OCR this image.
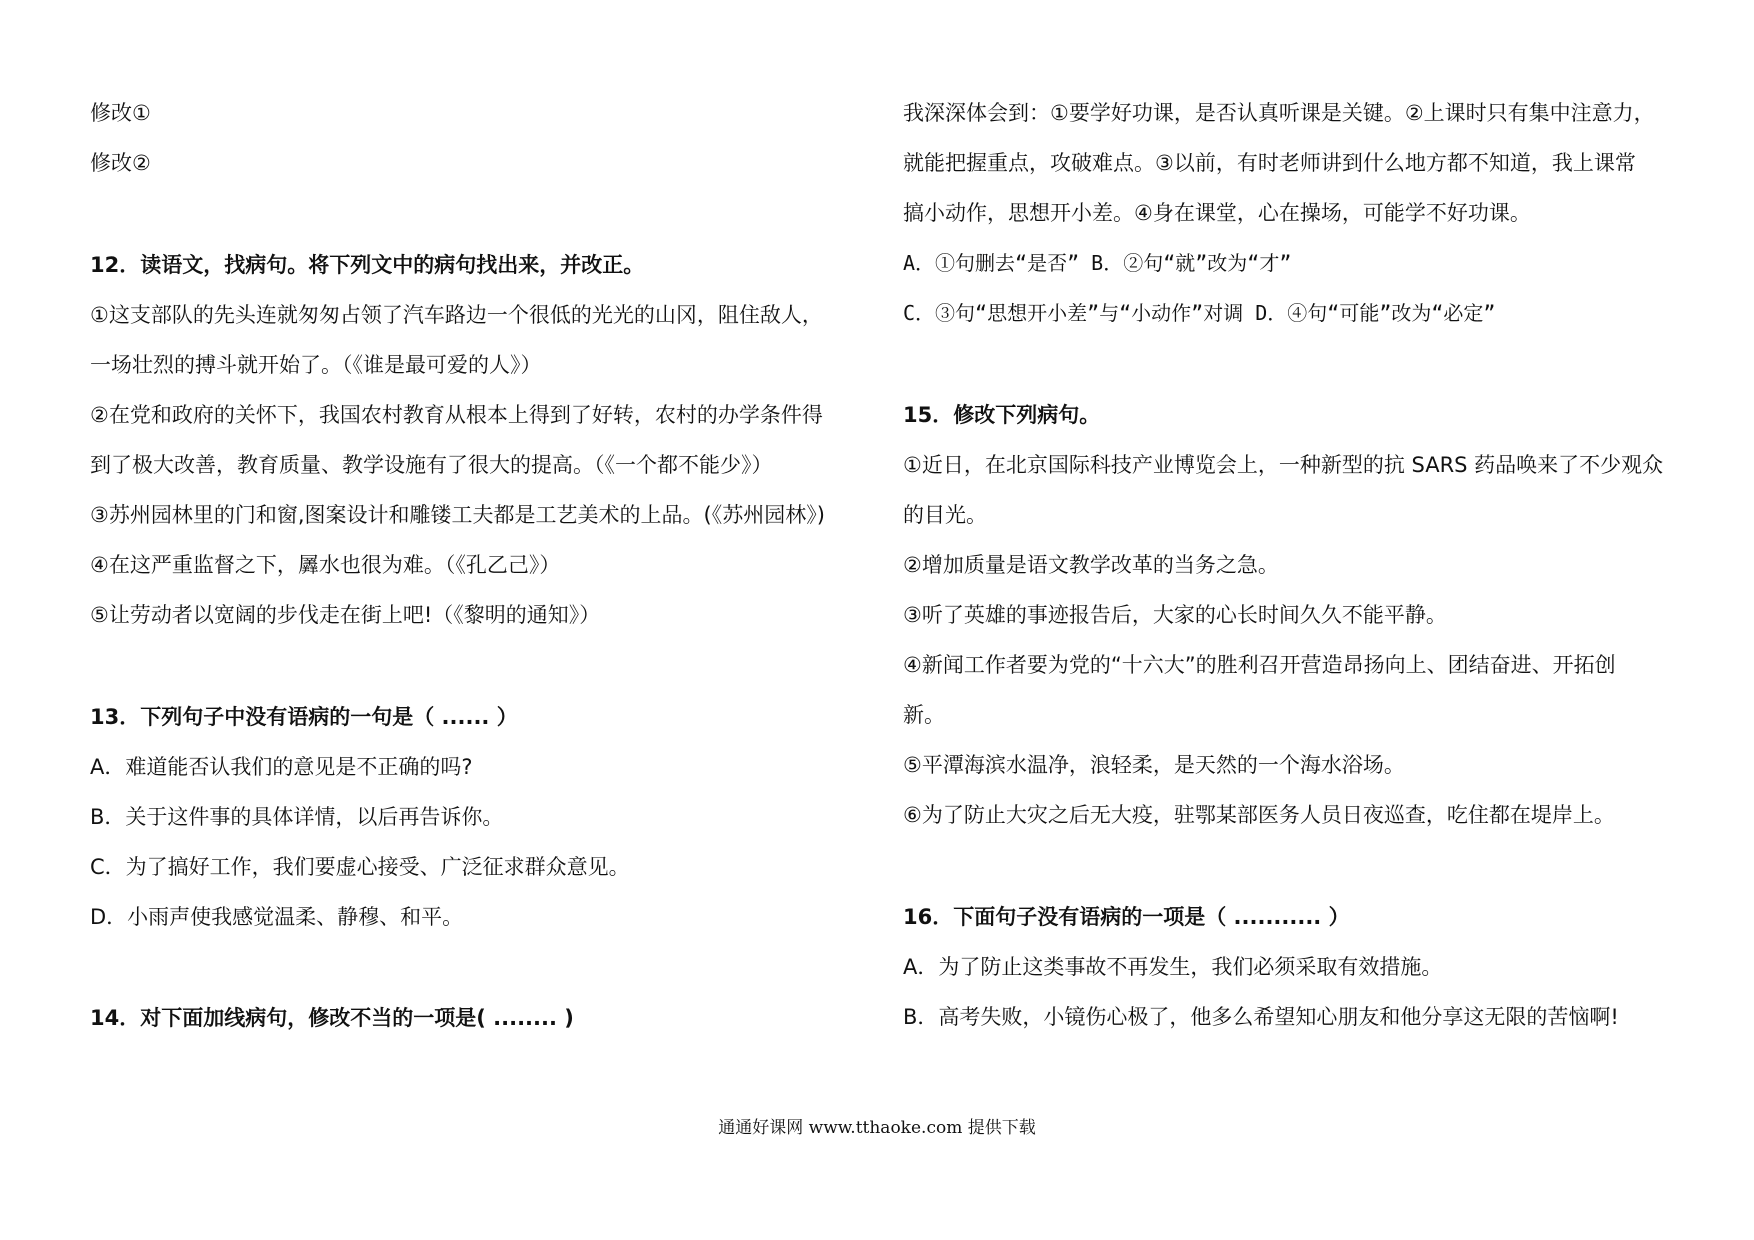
修改①
修改②
12．读语文，找病句。将下列文中的病句找出来，并改正。
①这支部队的先头连就匆匆占领了汽车路边一个很低的光光的山冈，阻住敌人，
一场壮烈的搏斗就开始了。（《谁是最可爱的人》）
②在党和政府的关怀下，我国农村教育从根本上得到了好转，农村的办学条件得
到了极大改善，教育质量、教学设施有了很大的提高。（《一个都不能少》）
③苏州园林里的门和窗,图案设计和雕镂工夫都是工艺美术的上品。(《苏州园林》)
④在这严重监督之下，羼水也很为难。（《孔乙己》）
⑤让劳动者以宽阔的步伐走在街上吧!（《黎明的通知》）
13．下列句子中没有语病的一句是（ ...... ）
A．难道能否认我们的意见是不正确的吗?
B．关于这件事的具体详情，以后再告诉你。
C．为了搞好工作，我们要虚心接受、广泛征求群众意见。
D．小雨声使我感觉温柔、静穆、和平。
14．对下面加线病句，修改不当的一项是( ........ )
我深深体会到：①要学好功课，是否认真听课是关键。②上课时只有集中注意力，
就能把握重点，攻破难点。③以前，有时老师讲到什么地方都不知道，我上课常
搞小动作，思想开小差。④身在课堂，心在操场，可能学不好功课。
A．①句删去“是否” B．②句“就”改为“才”
C．③句“思想开小差”与“小动作”对调 D．④句“可能”改为“必定”
15．修改下列病句。
①近日，在北京国际科技产业博览会上，一种新型的抗 SARS 药品唤来了不少观众
的目光。
②增加质量是语文教学改革的当务之急。
③听了英雄的事迹报告后，大家的心长时间久久不能平静。
④新闻工作者要为党的“十六大”的胜利召开营造昂扬向上、团结奋进、开拓创
新。
⑤平潭海滨水温净，浪轻柔，是天然的一个海水浴场。
⑥为了防止大灾之后无大疫，驻鄂某部医务人员日夜巡查，吃住都在堤岸上。
16．下面句子没有语病的一项是（ ........... ）
A．为了防止这类事故不再发生，我们必须采取有效措施。
B．高考失败，小镜伤心极了，他多么希望知心朋友和他分享这无限的苦恼啊!
通通好课网 www.tthaoke.com 提供下载
